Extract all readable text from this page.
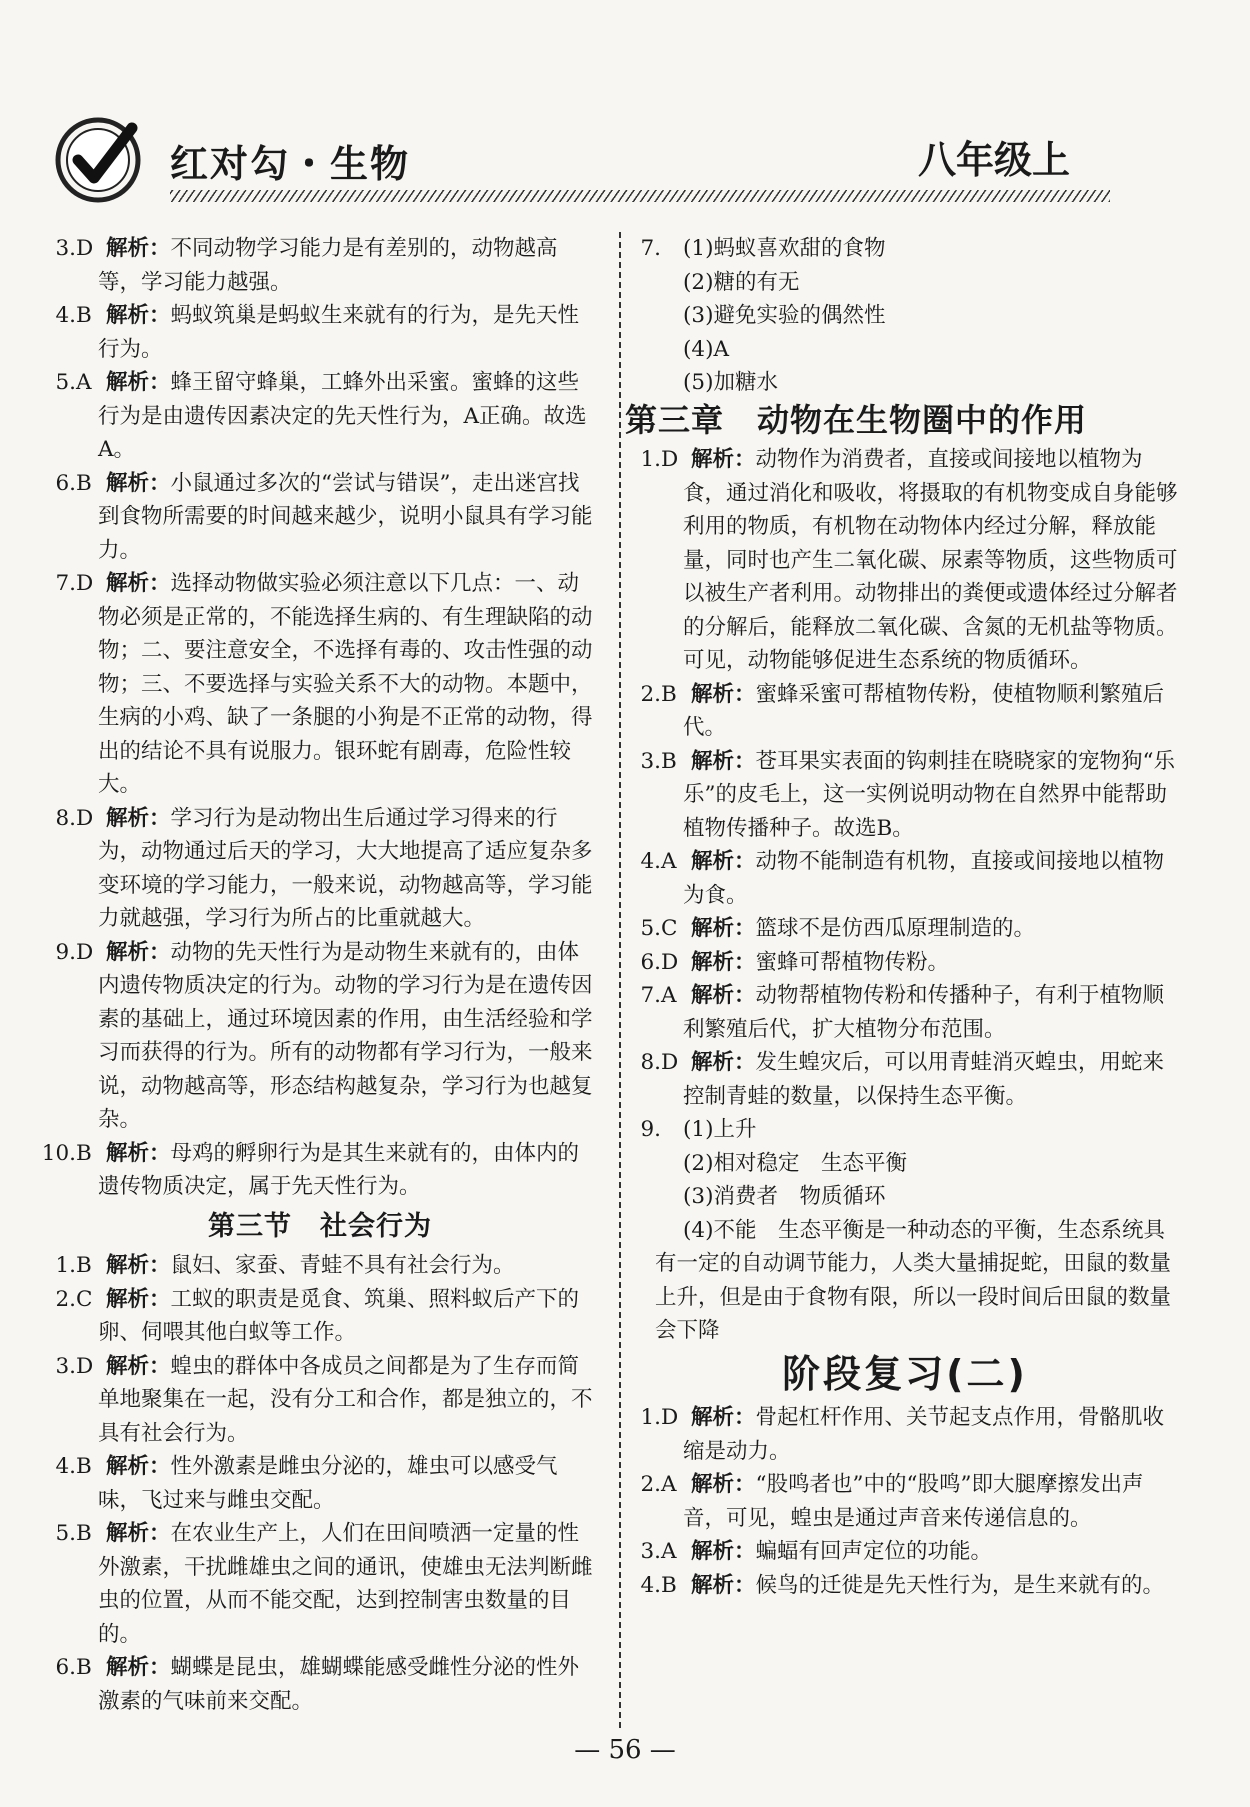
红对勾・生物	八年级上

3.D 解析：不同动物学习能力是有差别的，动物越高等，学习能力越强。

4.B 解析：蚂蚁筑巢是蚂蚁生来就有的行为，是先天性行为。

5.A 解析：蜂王留守蜂巢，工蜂外出采蜜。蜜蜂的这些行为是由遗传因素决定的先天性行为，A正确。故选A。

6.B 解析：小鼠通过多次的“尝试与错误”，走出迷宫找到食物所需要的时间越来越少，说明小鼠具有学习能力。

7.D 解析：选择动物做实验必须注意以下几点：一、动物必须是正常的，不能选择生病的、有生理缺陷的动物；二、要注意安全，不选择有毒的、攻击性强的动物；三、不要选择与实验关系不大的动物。本题中，生病的小鸡、缺了一条腿的小狗是不正常的动物，得出的结论不具有说服力。银环蛇有剧毒，危险性较大。

8.D 解析：学习行为是动物出生后通过学习得来的行为，动物通过后天的学习，大大地提高了适应复杂多变环境的学习能力，一般来说，动物越高等，学习能力就越强，学习行为所占的比重就越大。

9.D 解析：动物的先天性行为是动物生来就有的，由体内遗传物质决定的行为。动物的学习行为是在遗传因素的基础上，通过环境因素的作用，由生活经验和学习而获得的行为。所有的动物都有学习行为，一般来说，动物越高等，形态结构越复杂，学习行为也越复杂。

10.B 解析：母鸡的孵卵行为是其生来就有的，由体内的遗传物质决定，属于先天性行为。

第三节　社会行为

1.B 解析：鼠妇、家蚕、青蛙不具有社会行为。

2.C 解析：工蚁的职责是觅食、筑巢、照料蚁后产下的卵、伺喂其他白蚁等工作。

3.D 解析：蝗虫的群体中各成员之间都是为了生存而简单地聚集在一起，没有分工和合作，都是独立的，不具有社会行为。

4.B 解析：性外激素是雌虫分泌的，雄虫可以感受气味，飞过来与雌虫交配。

5.B 解析：在农业生产上，人们在田间喷洒一定量的性外激素，干扰雌雄虫之间的通讯，使雄虫无法判断雌虫的位置，从而不能交配，达到控制害虫数量的目的。

6.B 解析：蝴蝶是昆虫，雄蝴蝶能感受雌性分泌的性外激素的气味前来交配。

7. (1)蚂蚁喜欢甜的食物

(2)糖的有无

(3)避免实验的偶然性

(4)A

(5)加糖水

第三章　动物在生物圈中的作用

1.D 解析：动物作为消费者，直接或间接地以植物为食，通过消化和吸收，将摄取的有机物变成自身能够利用的物质，有机物在动物体内经过分解，释放能量，同时也产生二氧化碳、尿素等物质，这些物质可以被生产者利用。动物排出的粪便或遗体经过分解者的分解后，能释放二氧化碳、含氮的无机盐等物质。可见，动物能够促进生态系统的物质循环。

2.B 解析：蜜蜂采蜜可帮植物传粉，使植物顺利繁殖后代。

3.B 解析：苍耳果实表面的钩刺挂在晓晓家的宠物狗“乐乐”的皮毛上，这一实例说明动物在自然界中能帮助植物传播种子。故选B。

4.A 解析：动物不能制造有机物，直接或间接地以植物为食。

5.C 解析：篮球不是仿西瓜原理制造的。

6.D 解析：蜜蜂可帮植物传粉。

7.A 解析：动物帮植物传粉和传播种子，有利于植物顺利繁殖后代，扩大植物分布范围。

8.D 解析：发生蝗灾后，可以用青蛙消灭蝗虫，用蛇来控制青蛙的数量，以保持生态平衡。

9. (1)上升

(2)相对稳定　生态平衡

(3)消费者　物质循环

(4)不能　生态平衡是一种动态的平衡，生态系统具有一定的自动调节能力，人类大量捕捉蛇，田鼠的数量上升，但是由于食物有限，所以一段时间后田鼠的数量会下降

阶段复习(二)

1.D 解析：骨起杠杆作用、关节起支点作用，骨骼肌收缩是动力。

2.A 解析：“股鸣者也”中的“股鸣”即大腿摩擦发出声音，可见，蝗虫是通过声音来传递信息的。

3.A 解析：蝙蝠有回声定位的功能。

4.B 解析：候鸟的迁徙是先天性行为，是生来就有的。

— 56 —
